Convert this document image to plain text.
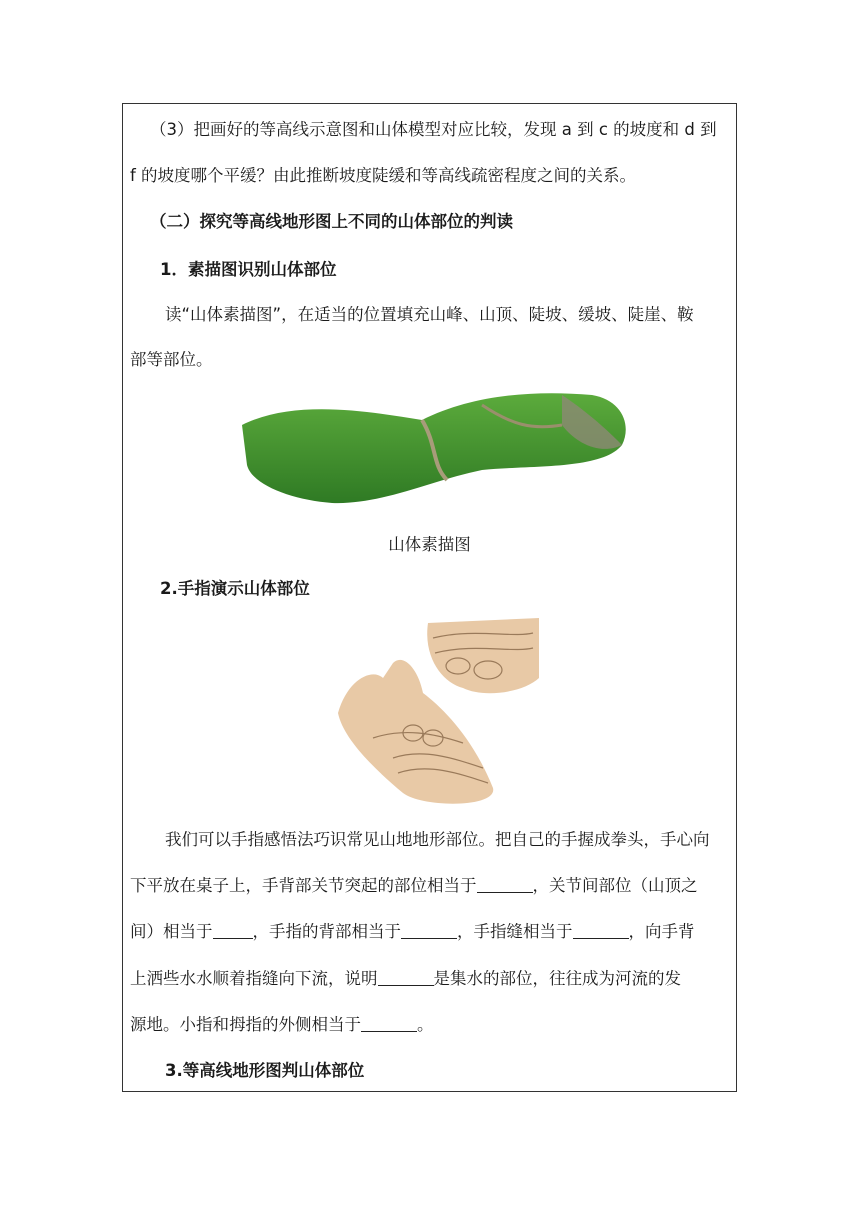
（3）把画好的等高线示意图和山体模型对应比较，发现 a 到 c 的坡度和 d 到
f 的坡度哪个平缓？由此推断坡度陡缓和等高线疏密程度之间的关系。
（二）探究等高线地形图上不同的山体部位的判读
1．素描图识别山体部位
读“山体素描图”，在适当的位置填充山峰、山顶、陡坡、缓坡、陡崖、鞍
部等部位。
山体素描图
2.手指演示山体部位
我们可以手指感悟法巧识常见山地地形部位。把自己的手握成拳头，手心向
下平放在桌子上，手背部关节突起的部位相当于	，关节间部位（山顶之
间）相当于 ，手指的背部相当于	，手指缝相当于	，向手背
上洒些水水顺着指缝向下流，说明	是集水的部位，往往成为河流的发
源地。小指和拇指的外侧相当于	。
3.等高线地形图判山体部位
